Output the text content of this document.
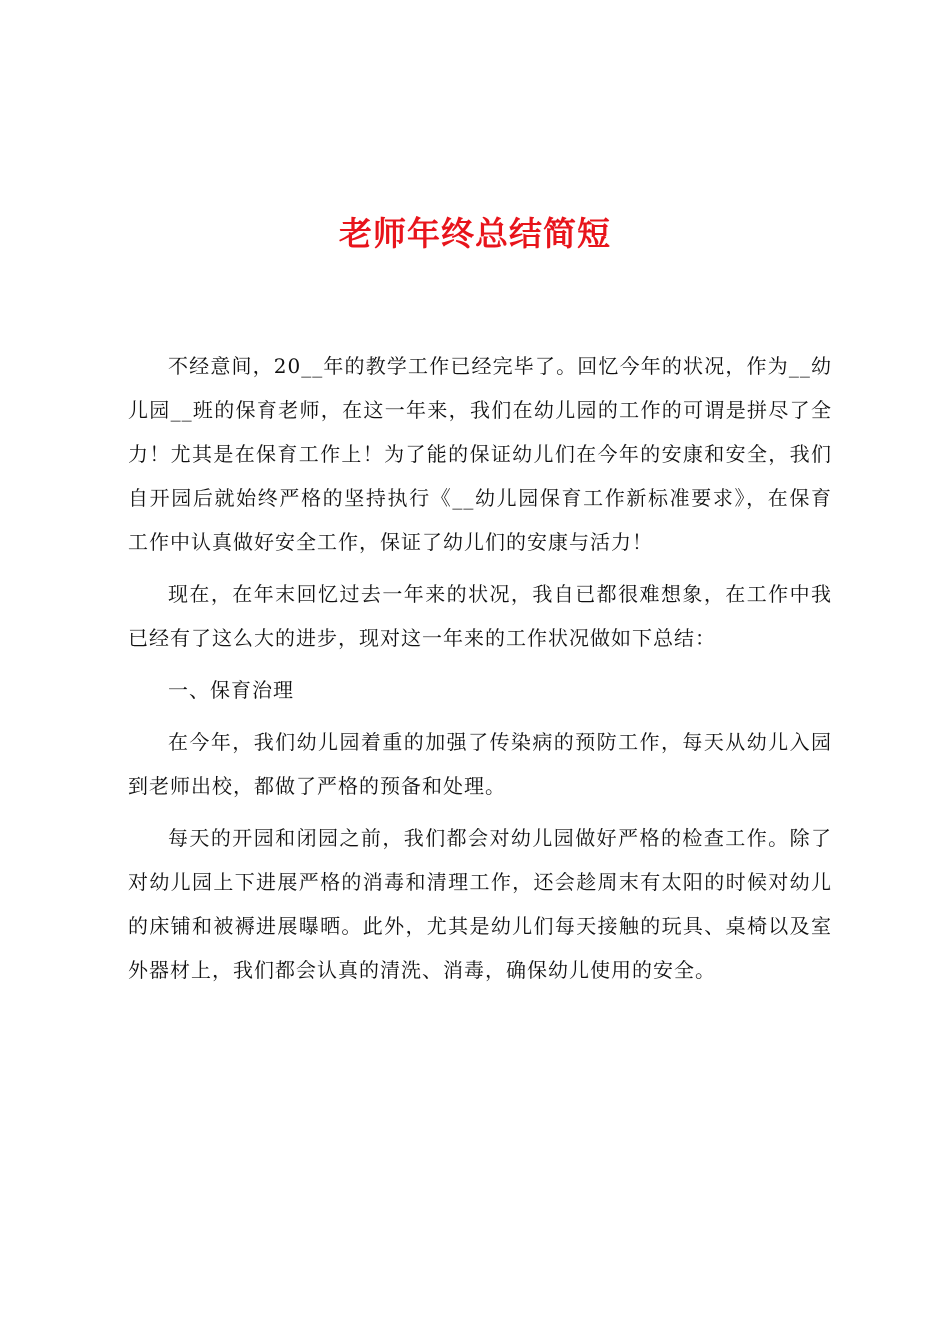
老师年终总结简短

不经意间，20__年的教学工作已经完毕了。回忆今年的状况，作为__幼儿园__班的保育老师，在这一年来，我们在幼儿园的工作的可谓是拼尽了全力！尤其是在保育工作上！为了能的保证幼儿们在今年的安康和安全，我们自开园后就始终严格的坚持执行《__幼儿园保育工作新标准要求》，在保育工作中认真做好安全工作，保证了幼儿们的安康与活力！

现在，在年末回忆过去一年来的状况，我自已都很难想象，在工作中我已经有了这么大的进步，现对这一年来的工作状况做如下总结：

一、保育治理

在今年，我们幼儿园着重的加强了传染病的预防工作，每天从幼儿入园到老师出校，都做了严格的预备和处理。

每天的开园和闭园之前，我们都会对幼儿园做好严格的检查工作。除了对幼儿园上下进展严格的消毒和清理工作，还会趁周末有太阳的时候对幼儿的床铺和被褥进展曝晒。此外，尤其是幼儿们每天接触的玩具、桌椅以及室外器材上，我们都会认真的清洗、消毒，确保幼儿使用的安全。
